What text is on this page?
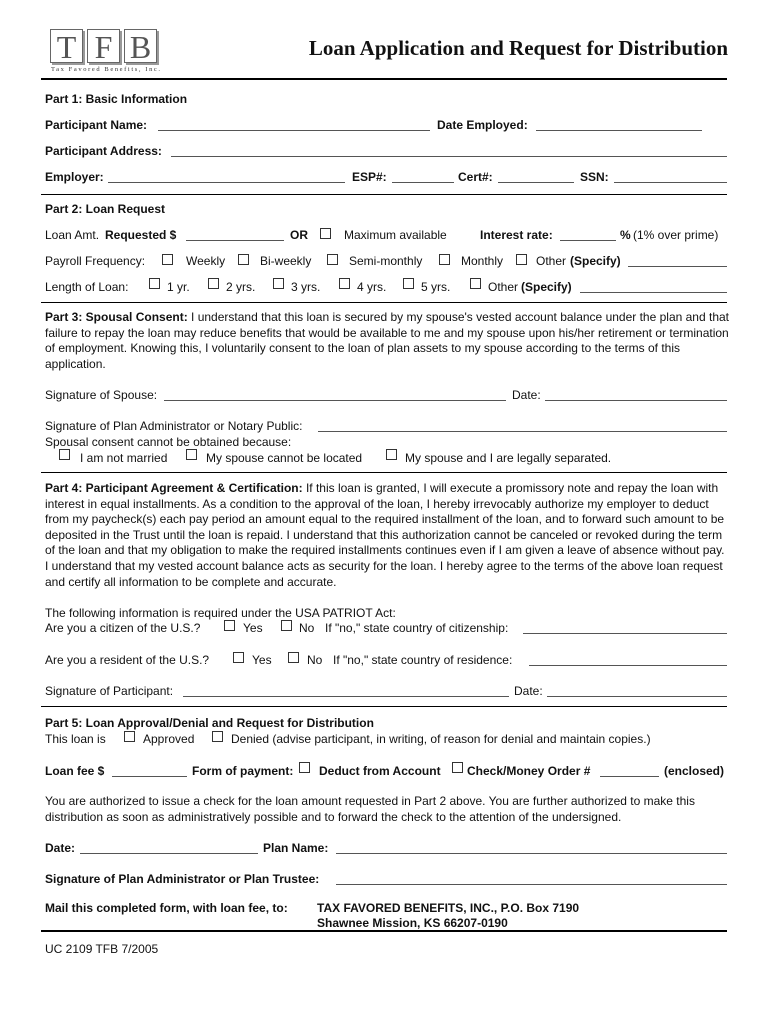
T F B
Tax Favored Benefits, Inc.
Loan Application and Request for Distribution
Part 1: Basic Information
Participant Name:	Date Employed:
Participant Address:
Employer:	ESP#:	Cert#:	SSN:
Part 2: Loan Request
Loan Amt. Requested $	OR	Maximum available	Interest rate:	% (1% over prime)
Payroll Frequency:	Weekly	Bi-weekly	Semi-monthly	Monthly	Other (Specify)
Length of Loan:	1 yr.	2 yrs.	3 yrs.	4 yrs.	5 yrs.	Other (Specify)
Part 3: Spousal Consent: I understand that this loan is secured by my spouse's vested account balance under the plan and that failure to repay the loan may reduce benefits that would be available to me and my spouse upon his/her retirement or termination of employment. Knowing this, I voluntarily consent to the loan of plan assets to my spouse according to the terms of this application.
Signature of Spouse:	Date:
Signature of Plan Administrator or Notary Public:
Spousal consent cannot be obtained because:
I am not married	My spouse cannot be located	My spouse and I are legally separated.
Part 4: Participant Agreement & Certification: If this loan is granted, I will execute a promissory note and repay the loan with interest in equal installments. As a condition to the approval of the loan, I hereby irrevocably authorize my employer to deduct from my paycheck(s) each pay period an amount equal to the required installment of the loan, and to forward such amount to be deposited in the Trust until the loan is repaid. I understand that this authorization cannot be canceled or revoked during the term of the loan and that my obligation to make the required installments continues even if I am given a leave of absence without pay. I understand that my vested account balance acts as security for the loan. I hereby agree to the terms of the above loan request and certify all information to be complete and accurate.
The following information is required under the USA PATRIOT Act:
Are you a citizen of the U.S.?	Yes	No If "no," state country of citizenship:
Are you a resident of the U.S.?	Yes	No If "no," state country of residence:
Signature of Participant:	Date:
Part 5: Loan Approval/Denial and Request for Distribution
This loan is	Approved	Denied (advise participant, in writing, of reason for denial and maintain copies.)
Loan fee $	Form of payment: Deduct from Account Check/Money Order #	(enclosed)
You are authorized to issue a check for the loan amount requested in Part 2 above. You are further authorized to make this distribution as soon as administratively possible and to forward the check to the attention of the undersigned.
Date:	Plan Name:
Signature of Plan Administrator or Plan Trustee:
Mail this completed form, with loan fee, to: TAX FAVORED BENEFITS, INC., P.O. Box 7190
Shawnee Mission, KS 66207-0190
UC 2109 TFB 7/2005
